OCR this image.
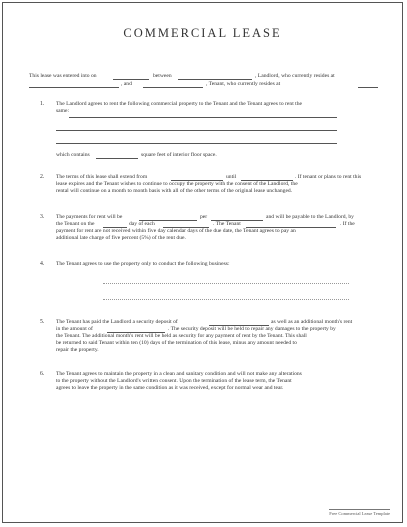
COMMERCIAL LEASE
This lease was entered into on	between	, Landlord, who currently resides at
, and	, Tenant, who currently resides at
1. The Landlord agrees to rent the following commercial property to the Tenant and the Tenant agrees to rent the
same:
which contains	square feet of interior floor space.
2. The terms of this lease shall extend from	until	. If tenant or plans to rent this
lease expires and the Tenant wishes to continue to occupy the property with the consent of the Landlord, the
rental will continue on a month to month basis with all of the other terms of the original lease unchanged.
3. The payments for rent will be	per	and will be payable to the Landlord, by
the Tenant on the	day of each	. The Tenant	. If the
payment for rent are not received within five day calendar days of the due date, the Tenant agrees to pay an
additional late charge of five percent (5%) of the rent due.
4. The Tenant agrees to use the property only to conduct the following business:
5. The Tenant has paid the Landlord a security deposit of	as well as an additional month's rent
in the amount of	. The security deposit will be held to repair any damages to the property by
the Tenant. The additional month's rent will be held as security for any payment of rent by the Tenant. This shall
be returned to said Tenant within ten (10) days of the termination of this lease, minus any amount needed to
repair the property.
6. The Tenant agrees to maintain the property in a clean and sanitary condition and will not make any alterations
to the property without the Landlord's written consent. Upon the termination of the lease term, the Tenant
agrees to leave the property in the same condition as it was received, except for normal wear and tear.
Free Commercial Lease Template
